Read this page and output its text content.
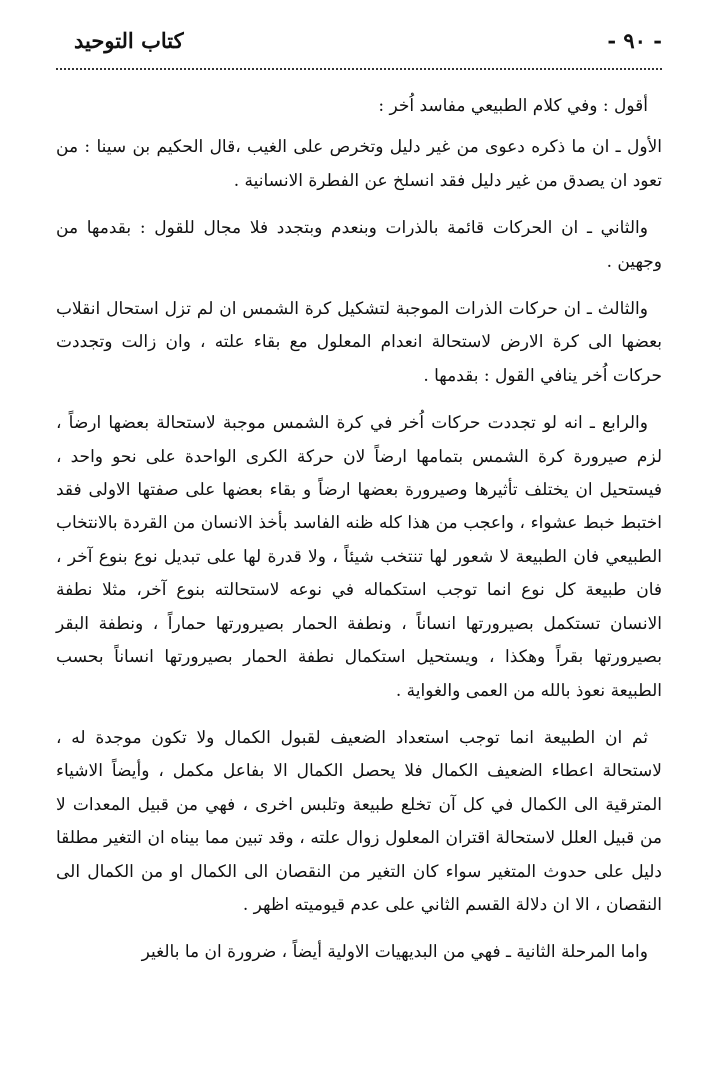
- ٩٠ -
كتاب التوحيد

أقول : وفي كلام الطبيعي مفاسد اُخر :

الأول ـ ان ما ذكره دعوى من غير دليل وتخرص على الغيب ،قال الحكيم بن سينا : من تعود ان يصدق من غير دليل فقد انسلخ عن الفطرة الانسانية .

والثاني ـ ان الحركات قائمة بالذرات وبنعدم وبتجدد فلا مجال للقول : بقدمها من وجهين .

والثالث ـ ان حركات الذرات الموجبة لتشكيل كرة الشمس ان لم تزل استحال انقلاب بعضها الى كرة الارض لاستحالة انعدام المعلول مع بقاء علته ، وان زالت وتجددت حركات اُخر ينافي القول : بقدمها .

والرابع ـ انه لو تجددت حركات اُخر في كرة الشمس موجبة لاستحالة بعضها ارضاً ، لزم صيرورة كرة الشمس بتمامها ارضاً لان حركة الكرى الواحدة على نحو واحد ، فيستحيل ان يختلف تأثيرها وصيرورة بعضها ارضاً و بقاء بعضها على صفتها الاولى فقد اختبط خبط عشواء ، واعجب من هذا كله ظنه الفاسد بأخذ الانسان من القردة بالانتخاب الطبيعي فان الطبيعة لا شعور لها تنتخب شيئاً ، ولا قدرة لها على تبديل نوع بنوع آخر ، فان طبيعة كل نوع انما توجب استكماله في نوعه لاستحالته بنوع آخر، مثلا نطفة الانسان تستكمل بصيرورتها انساناً ، ونطفة الحمار بصيرورتها حماراً ، ونطفة البقر بصيرورتها بقراً وهكذا ، ويستحيل استكمال نطفة الحمار بصيرورتها انساناً بحسب الطبيعة نعوذ بالله من العمى والغواية .

ثم ان الطبيعة انما توجب استعداد الضعيف لقبول الكمال ولا تكون موجدة له ، لاستحالة اعطاء الضعيف الكمال فلا يحصل الكمال الا بفاعل مكمل ، وأيضاً الاشياء المترقية الى الكمال في كل آن تخلع طبيعة وتلبس اخرى ، فهي من قبيل المعدات لا من قبيل العلل لاستحالة اقتران المعلول زوال علته ، وقد تبين مما بيناه ان التغير مطلقا دليل على حدوث المتغير سواء كان التغير من النقصان الى الكمال او من الكمال الى النقصان ، الا ان دلالة القسم الثاني على عدم قيوميته اظهر .

واما المرحلة الثانية ـ فهي من البديهيات الاولية أيضاً ، ضرورة ان ما بالغير
